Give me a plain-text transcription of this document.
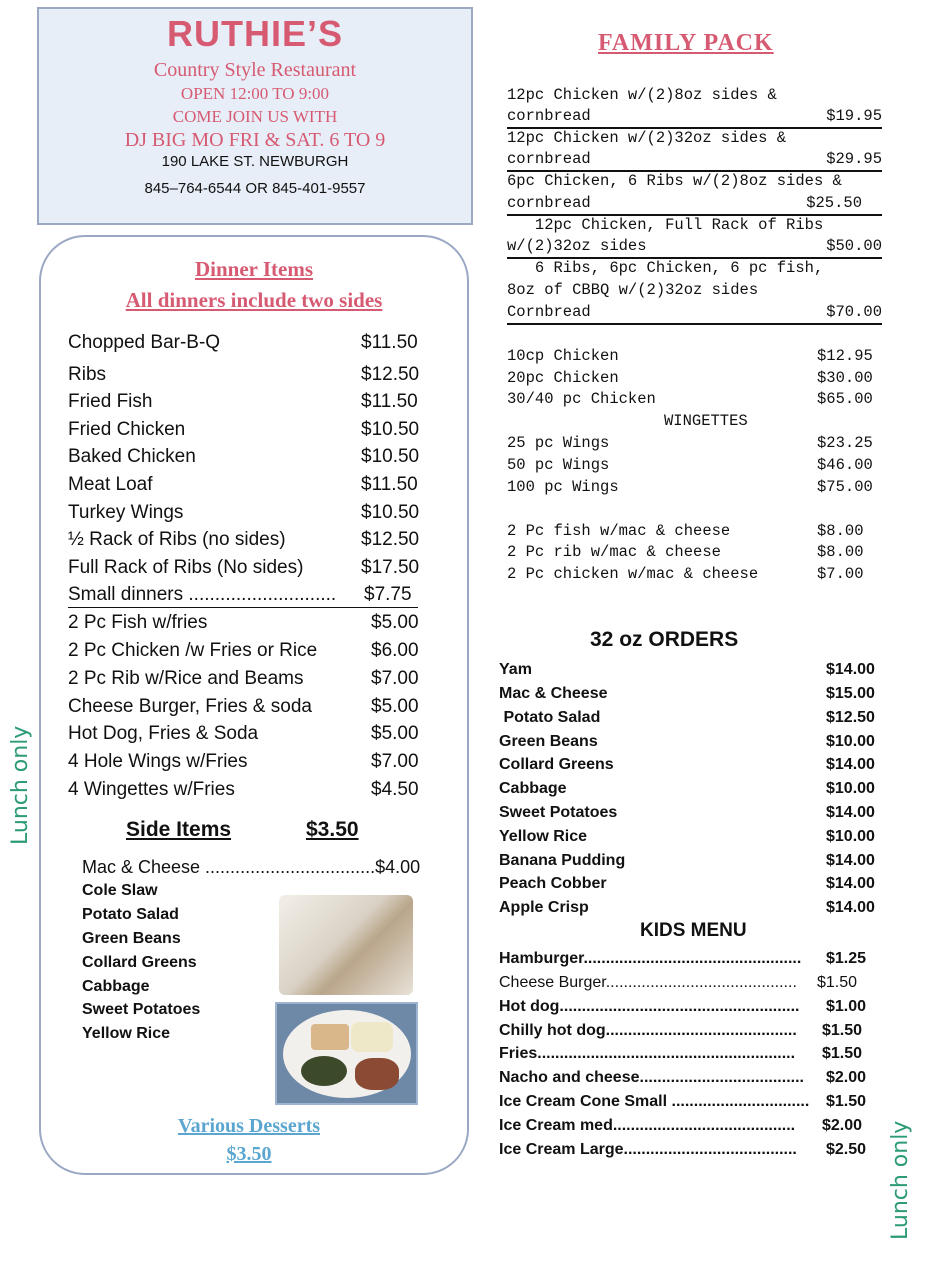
RUTHIE’S
Country Style Restaurant
OPEN 12:00 TO 9:00
COME JOIN US WITH
DJ BIG MO FRI & SAT. 6 TO 9
190 LAKE ST. NEWBURGH
845–764-6544 OR 845-401-9557
Dinner Items
All dinners include two sides
Chopped Bar-B-Q	$11.50
Ribs	$12.50
Fried Fish	$11.50
Fried Chicken	$10.50
Baked Chicken	$10.50
Meat Loaf	$11.50
Turkey Wings	$10.50
½ Rack of Ribs (no sides)	$12.50
Full Rack of Ribs (No sides)	$17.50
Small dinners ............................ $7.75
2 Pc Fish w/fries	$5.00
2 Pc Chicken /w Fries or Rice	$6.00
2 Pc Rib w/Rice and Beams	$7.00
Cheese Burger, Fries & soda	$5.00
Hot Dog, Fries & Soda	$5.00
4 Hole Wings w/Fries	$7.00
4 Wingettes w/Fries	$4.50
Side Items	$3.50
Mac & Cheese ..................................$4.00
Cole Slaw
Potato Salad
Green Beans
Collard Greens
Cabbage
Sweet Potatoes
Yellow Rice
Various Desserts
$3.50
FAMILY PACK
12pc Chicken w/(2)8oz sides &
cornbread	$19.95
12pc Chicken w/(2)32oz sides &
cornbread	$29.95
6pc Chicken, 6 Ribs w/(2)8oz sides &
cornbread	$25.50
12pc Chicken, Full Rack of Ribs
w/(2)32oz sides	$50.00
6 Ribs, 6pc Chicken, 6 pc fish,
8oz of CBBQ w/(2)32oz sides
Cornbread	$70.00
10cp Chicken	$12.95
20pc Chicken	$30.00
30/40 pc Chicken	$65.00
WINGETTES
25 pc Wings	$23.25
50 pc Wings	$46.00
100 pc Wings	$75.00
2 Pc fish w/mac & cheese	$8.00
2 Pc rib w/mac & cheese	$8.00
2 Pc chicken w/mac & cheese	$7.00
32 oz ORDERS
Yam	$14.00
Mac & Cheese	$15.00
Potato Salad	$12.50
Green Beans	$10.00
Collard Greens	$14.00
Cabbage	$10.00
Sweet Potatoes	$14.00
Yellow Rice	$10.00
Banana Pudding	$14.00
Peach Cobber	$14.00
Apple Crisp	$14.00
KIDS MENU
Hamburger................................................. $1.25
Cheese Burger........................................... $1.50
Hot dog...................................................... $1.00
Chilly hot dog........................................... $1.50
Fries.......................................................... $1.50
Nacho and cheese..................................... $2.00
Ice Cream Cone Small ............................... $1.50
Ice Cream med......................................... $2.00
Ice Cream Large....................................... $2.50
Lunch only
Lunch only
